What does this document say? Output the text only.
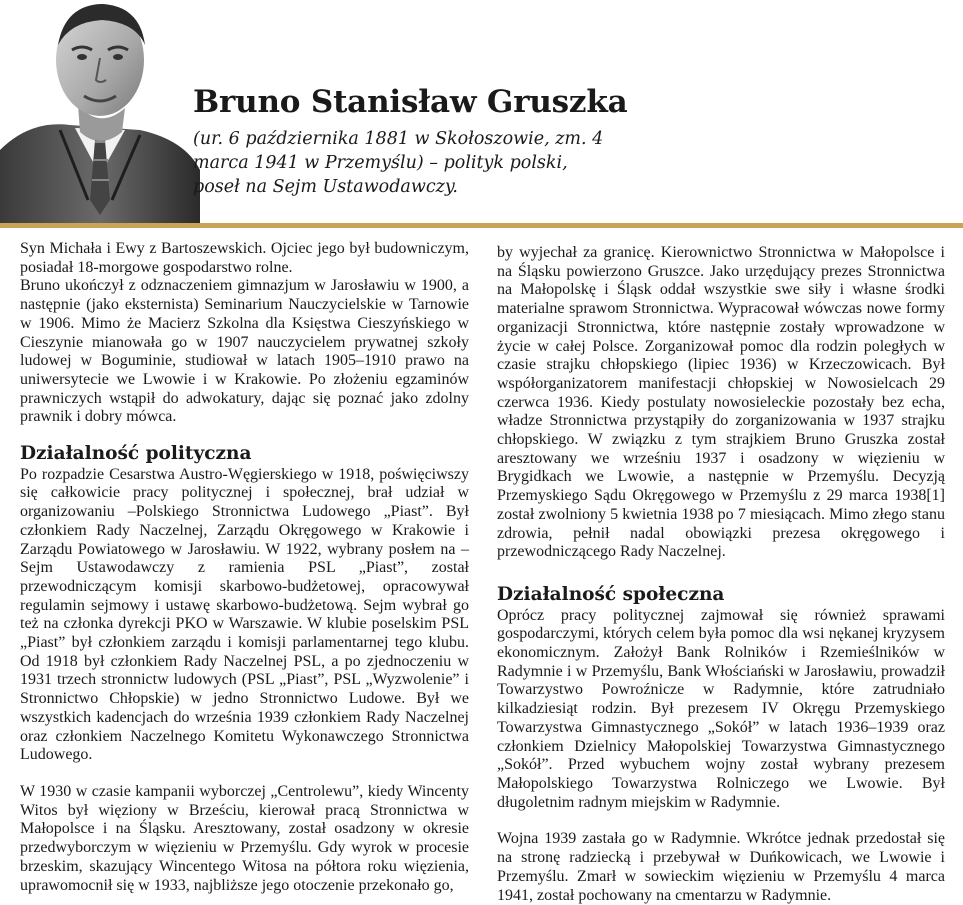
Bruno Stanisław Gruszka

(ur. 6 października 1881 w Skołoszowie, zm. 4 marca 1941 w Przemyślu) – polityk polski, poseł na Sejm Ustawodawczy.

Syn Michała i Ewy z Bartoszewskich. Ojciec jego był budowniczym, posiadał 18-morgowe gospodarstwo rolne.

Bruno ukończył z odznaczeniem gimnazjum w Jarosławiu w 1900, a następnie (jako eksternista) Seminarium Nauczycielskie w Tarnowie w 1906. Mimo że Macierz Szkolna dla Księstwa Cieszyńskiego w Cieszynie mianowała go w 1907 nauczycielem prywatnej szkoły ludowej w Boguminie, studiował w latach 1905–1910 prawo na uniwersytecie we Lwowie i w Krakowie. Po złożeniu egzaminów prawniczych wstąpił do adwokatury, dając się poznać jako zdolny prawnik i dobry mówca.

Działalność polityczna

Po rozpadzie Cesarstwa Austro-Węgierskiego w 1918, poświęciwszy się całkowicie pracy politycznej i społecznej, brał udział w organizowaniu –Polskiego Stronnictwa Ludowego „Piast”. Był członkiem Rady Naczelnej, Zarządu Okręgowego w Krakowie i Zarządu Powiatowego w Jarosławiu. W 1922, wybrany posłem na –Sejm Ustawodawczy z ramienia PSL „Piast”, został przewodniczącym komisji skarbowo-budżetowej, opracowywał regulamin sejmowy i ustawę skarbowo-budżetową. Sejm wybrał go też na członka dyrekcji PKO w Warszawie. W klubie poselskim PSL „Piast” był członkiem zarządu i komisji parlamentarnej tego klubu. Od 1918 był członkiem Rady Naczelnej PSL, a po zjednoczeniu w 1931 trzech stronnictw ludowych (PSL „Piast”, PSL „Wyzwolenie” i Stronnictwo Chłopskie) w jedno Stronnictwo Ludowe. Był we wszystkich kadencjach do września 1939 członkiem Rady Naczelnej oraz członkiem Naczelnego Komitetu Wykonawczego Stronnictwa Ludowego.

W 1930 w czasie kampanii wyborczej „Centrolewu”, kiedy Wincenty Witos był więziony w Brześciu, kierował pracą Stronnictwa w Małopolsce i na Śląsku. Aresztowany, został osadzony w okresie przedwyborczym w więzieniu w Przemyślu. Gdy wyrok w procesie brzeskim, skazujący Wincentego Witosa na półtora roku więzienia, uprawomocnił się w 1933, najbliższe jego otoczenie przekonało go,

by wyjechał za granicę. Kierownictwo Stronnictwa w Małopolsce i na Śląsku powierzono Gruszce. Jako urzędujący prezes Stronnictwa na Małopolskę i Śląsk oddał wszystkie swe siły i własne środki materialne sprawom Stronnictwa. Wypracował wówczas nowe formy organizacji Stronnictwa, które następnie zostały wprowadzone w życie w całej Polsce. Zorganizował pomoc dla rodzin poległych w czasie strajku chłopskiego (lipiec 1936) w Krzeczowicach. Był współorganizatorem manifestacji chłopskiej w Nowosielcach 29 czerwca 1936. Kiedy postulaty nowosieleckie pozostały bez echa, władze Stronnictwa przystąpiły do zorganizowania w 1937 strajku chłopskiego. W związku z tym strajkiem Bruno Gruszka został aresztowany we wrześniu 1937 i osadzony w więzieniu w Brygidkach we Lwowie, a następnie w Przemyślu. Decyzją Przemyskiego Sądu Okręgowego w Przemyślu z 29 marca 1938[1] został zwolniony 5 kwietnia 1938 po 7 miesiącach. Mimo złego stanu zdrowia, pełnił nadal obowiązki prezesa okręgowego i przewodniczącego Rady Naczelnej.

Działalność społeczna

Oprócz pracy politycznej zajmował się również sprawami gospodarczymi, których celem była pomoc dla wsi nękanej kryzysem ekonomicznym. Założył Bank Rolników i Rzemieślników w Radymnie i w Przemyślu, Bank Włościański w Jarosławiu, prowadził Towarzystwo Powroźnicze w Radymnie, które zatrudniało kilkadziesiąt rodzin. Był prezesem IV Okręgu Przemyskiego Towarzystwa Gimnastycznego „Sokół” w latach 1936–1939 oraz członkiem Dzielnicy Małopolskiej Towarzystwa Gimnastycznego „Sokół”. Przed wybuchem wojny został wybrany prezesem Małopolskiego Towarzystwa Rolniczego we Lwowie. Był długoletnim radnym miejskim w Radymnie.

Wojna 1939 zastała go w Radymnie. Wkrótce jednak przedostał się na stronę radziecką i przebywał w Duńkowicach, we Lwowie i Przemyślu. Zmarł w sowieckim więzieniu w Przemyślu 4 marca 1941, został pochowany na cmentarzu w Radymnie.
